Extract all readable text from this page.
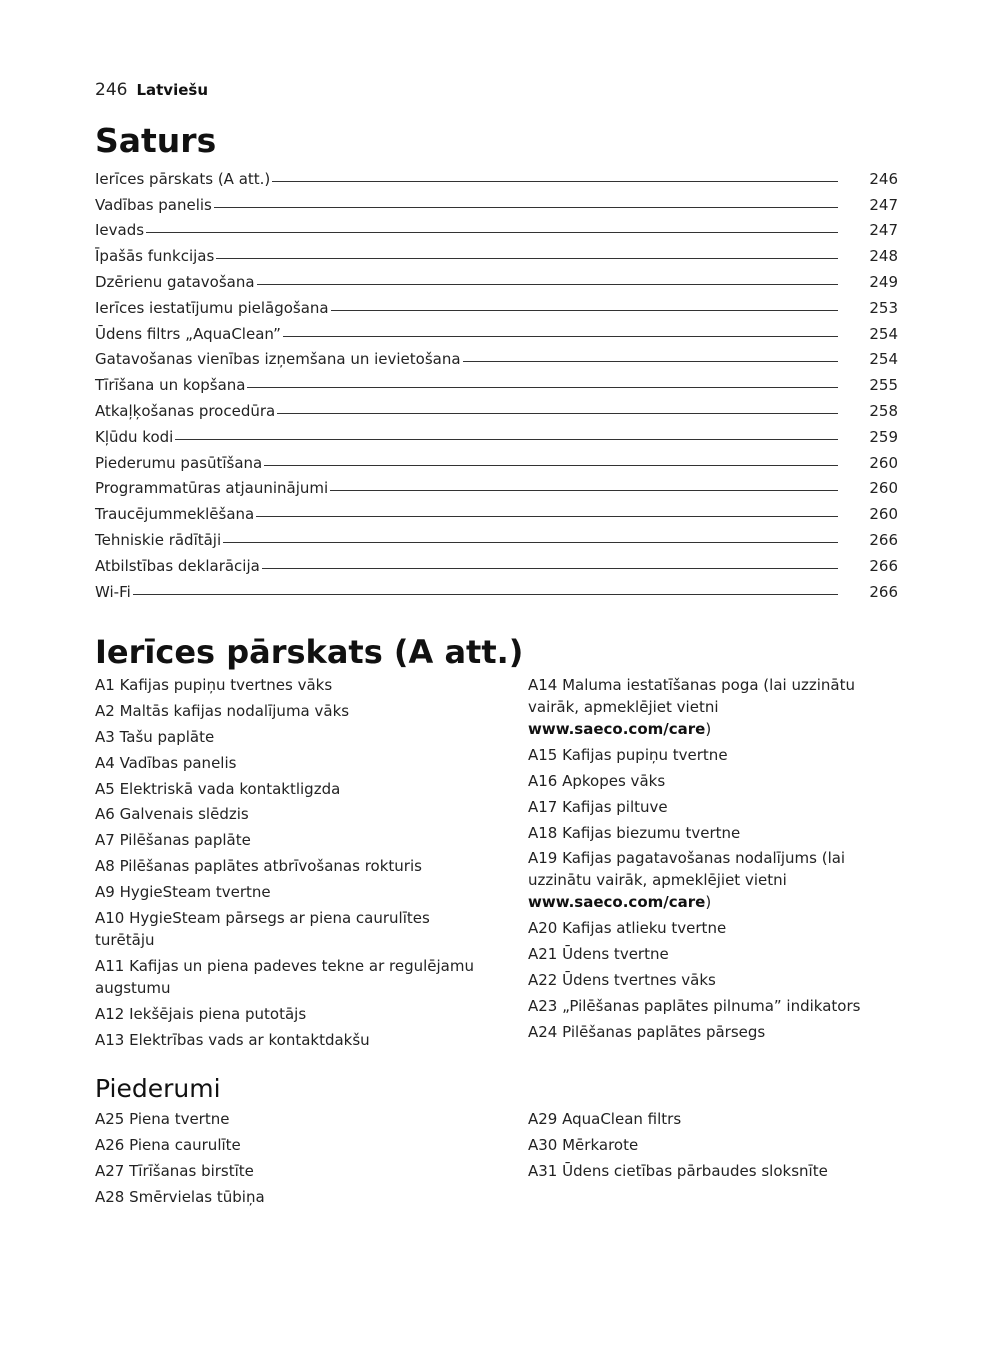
246 Latviešu
Saturs
Ierīces pārskats (A att.)	246
Vadības panelis	247
Ievads	247
Īpašās funkcijas	248
Dzērienu gatavošana	249
Ierīces iestatījumu pielāgošana	253
Ūdens filtrs „AquaClean”	254
Gatavošanas vienības izņemšana un ievietošana	254
Tīrīšana un kopšana	255
Atkaļķošanas procedūra	258
Kļūdu kodi	259
Piederumu pasūtīšana	260
Programmatūras atjauninājumi	260
Traucējummeklēšana	260
Tehniskie rādītāji	266
Atbilstības deklarācija	266
Wi-Fi	266
Ierīces pārskats (A att.)
A1 Kafijas pupiņu tvertnes vāks
A2 Maltās kafijas nodalījuma vāks
A3 Tašu paplāte
A4 Vadības panelis
A5 Elektriskā vada kontaktligzda
A6 Galvenais slēdzis
A7 Pilēšanas paplāte
A8 Pilēšanas paplātes atbrīvošanas rokturis
A9 HygieSteam tvertne
A10 HygieSteam pārsegs ar piena caurulītes turētāju
A11 Kafijas un piena padeves tekne ar regulējamu augstumu
A12 Iekšējais piena putotājs
A13 Elektrības vads ar kontaktdakšu
A14 Maluma iestatīšanas poga (lai uzzinātu vairāk, apmeklējiet vietni www.saeco.com/care)
A15 Kafijas pupiņu tvertne
A16 Apkopes vāks
A17 Kafijas piltuve
A18 Kafijas biezumu tvertne
A19 Kafijas pagatavošanas nodalījums (lai uzzinātu vairāk, apmeklējiet vietni www.saeco.com/care)
A20 Kafijas atlieku tvertne
A21 Ūdens tvertne
A22 Ūdens tvertnes vāks
A23 „Pilēšanas paplātes pilnuma” indikators
A24 Pilēšanas paplātes pārsegs
Piederumi
A25 Piena tvertne
A26 Piena caurulīte
A27 Tīrīšanas birstīte
A28 Smērvielas tūbiņa
A29 AquaClean filtrs
A30 Mērkarote
A31 Ūdens cietības pārbaudes sloksnīte
